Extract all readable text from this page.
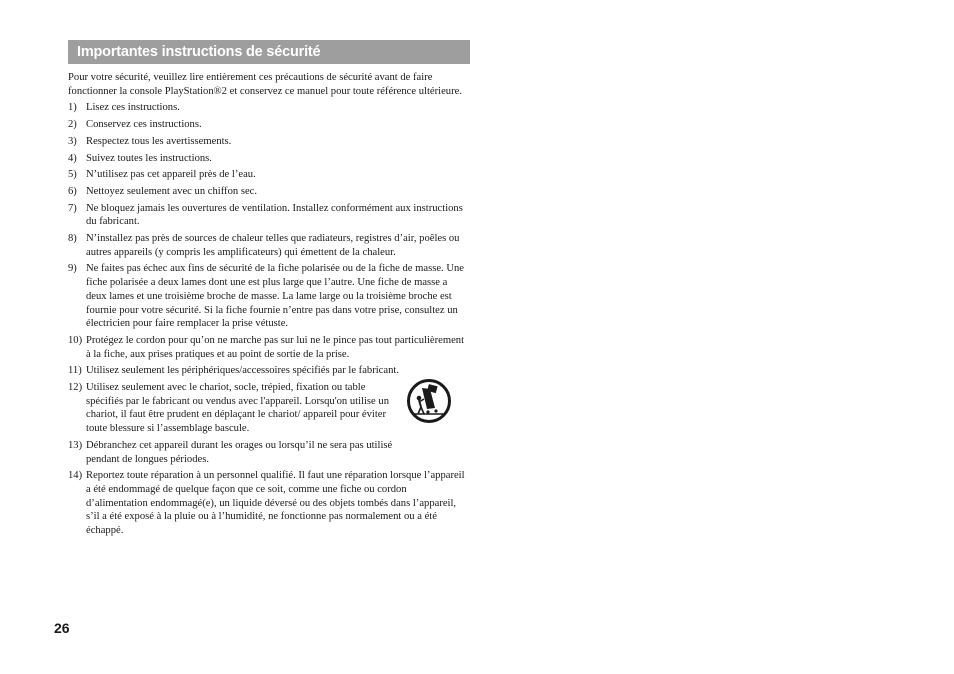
Importantes instructions de sécurité

Pour votre sécurité, veuillez lire entièrement ces précautions de sécurité avant de faire fonctionner la console PlayStation®2 et conservez ce manuel pour toute référence ultérieure.

1) Lisez ces instructions.
2) Conservez ces instructions.
3) Respectez tous les avertissements.
4) Suivez toutes les instructions.
5) N’utilisez pas cet appareil près de l’eau.
6) Nettoyez seulement avec un chiffon sec.
7) Ne bloquez jamais les ouvertures de ventilation. Installez conformément aux instructions du fabricant.
8) N’installez pas près de sources de chaleur telles que radiateurs, registres d’air, poêles ou autres appareils (y compris les amplificateurs) qui émettent de la chaleur.
9) Ne faites pas échec aux fins de sécurité de la fiche polarisée ou de la fiche de masse. Une fiche polarisée a deux lames dont une est plus large que l’autre. Une fiche de masse a deux lames et une troisième broche de masse. La lame large ou la troisième broche est fournie pour votre sécurité. Si la fiche fournie n’entre pas dans votre prise, consultez un électricien pour faire remplacer la prise vétuste.
10) Protégez le cordon pour qu’on ne marche pas sur lui ne le pince pas tout particulièrement à la fiche, aux prises pratiques et au point de sortie de la prise.
11) Utilisez seulement les périphériques/accessoires spécifiés par le fabricant.
12) Utilisez seulement avec le chariot, socle, trépied, fixation ou table spécifiés par le fabricant ou vendus avec l'appareil. Lorsqu'on utilise un chariot, il faut être prudent en déplaçant le chariot/ appareil pour éviter toute blessure si l’assemblage bascule.
13) Débranchez cet appareil durant les orages ou lorsqu’il ne sera pas utilisé pendant de longues périodes.
14) Reportez toute réparation à un personnel qualifié. Il faut une réparation lorsque l’appareil a été endommagé de quelque façon que ce soit, comme une fiche ou cordon d’alimentation endommagé(e), un liquide déversé ou des objets tombés dans l’appareil, s’il a été exposé à la pluie ou à l’humidité, ne fonctionne pas normalement ou a été échappé.
26
